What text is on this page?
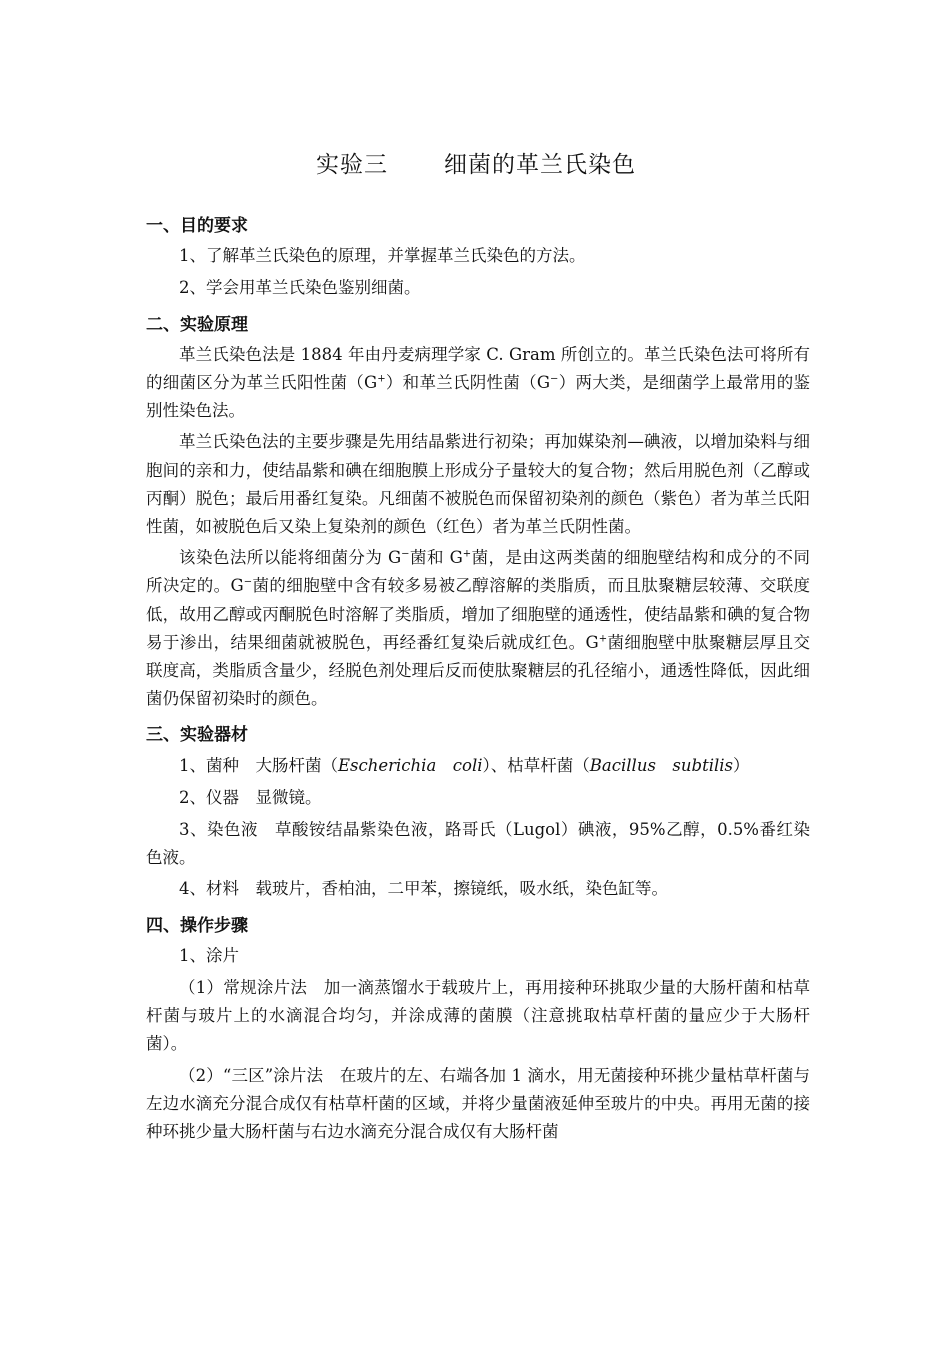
实验三 细菌的革兰氏染色
一、目的要求
1、了解革兰氏染色的原理，并掌握革兰氏染色的方法。
2、学会用革兰氏染色鉴别细菌。
二、实验原理
革兰氏染色法是 1884 年由丹麦病理学家 C. Gram 所创立的。革兰氏染色法可将所有的细菌区分为革兰氏阳性菌（G+）和革兰氏阴性菌（G−）两大类，是细菌学上最常用的鉴别性染色法。
革兰氏染色法的主要步骤是先用结晶紫进行初染；再加媒染剂—碘液，以增加染料与细胞间的亲和力，使结晶紫和碘在细胞膜上形成分子量较大的复合物；然后用脱色剂（乙醇或丙酮）脱色；最后用番红复染。凡细菌不被脱色而保留初染剂的颜色（紫色）者为革兰氏阳性菌，如被脱色后又染上复染剂的颜色（红色）者为革兰氏阴性菌。
该染色法所以能将细菌分为 G−菌和 G+菌，是由这两类菌的细胞壁结构和成分的不同所决定的。G−菌的细胞壁中含有较多易被乙醇溶解的类脂质，而且肽聚糖层较薄、交联度低，故用乙醇或丙酮脱色时溶解了类脂质，增加了细胞壁的通透性，使结晶紫和碘的复合物易于渗出，结果细菌就被脱色，再经番红复染后就成红色。G+菌细胞壁中肽聚糖层厚且交联度高，类脂质含量少，经脱色剂处理后反而使肽聚糖层的孔径缩小，通透性降低，因此细菌仍保留初染时的颜色。
三、实验器材
1、菌种　大肠杆菌（Escherichia　coli）、枯草杆菌（Bacillus　subtilis）
2、仪器　显微镜。
3、染色液　草酸铵结晶紫染色液，路哥氏（Lugol）碘液，95%乙醇，0.5%番红染色液。
4、材料　载玻片，香柏油，二甲苯，擦镜纸，吸水纸，染色缸等。
四、操作步骤
1、涂片
（1）常规涂片法　加一滴蒸馏水于载玻片上，再用接种环挑取少量的大肠杆菌和枯草杆菌与玻片上的水滴混合均匀，并涂成薄的菌膜（注意挑取枯草杆菌的量应少于大肠杆菌）。
（2）“三区”涂片法　在玻片的左、右端各加 1 滴水，用无菌接种环挑少量枯草杆菌与左边水滴充分混合成仅有枯草杆菌的区域，并将少量菌液延伸至玻片的中央。再用无菌的接种环挑少量大肠杆菌与右边水滴充分混合成仅有大肠杆菌
